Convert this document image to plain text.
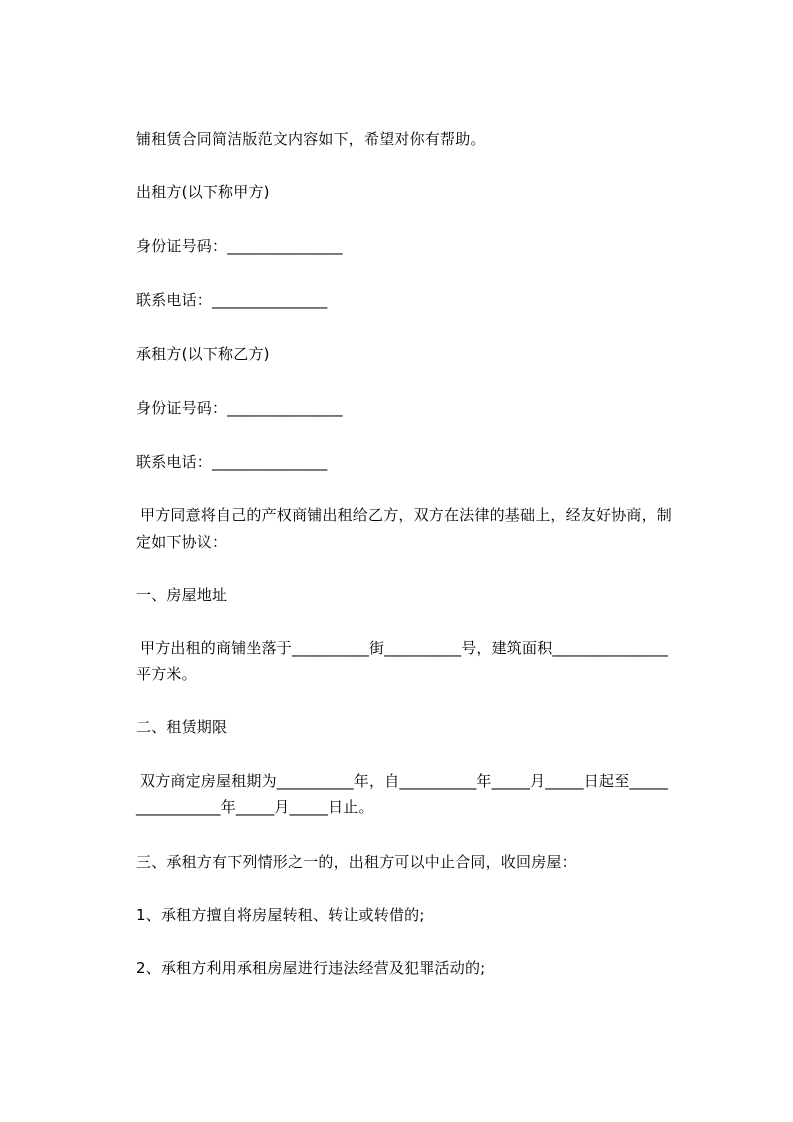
铺租赁合同简洁版范文内容如下，希望对你有帮助。
出租方(以下称甲方)
身份证号码：_______________
联系电话：_______________
承租方(以下称乙方)
身份证号码：_______________
联系电话：_______________
甲方同意将自己的产权商铺出租给乙方，双方在法律的基础上，经友好协商，制
定如下协议：
一、房屋地址
甲方出租的商铺坐落于__________街__________号，建筑面积_______________
平方米。
二、租赁期限
双方商定房屋租期为__________年，自__________年_____月_____日起至_____
___________年_____月_____日止。
三、承租方有下列情形之一的，出租方可以中止合同，收回房屋：
1、承租方擅自将房屋转租、转让或转借的;
2、承租方利用承租房屋进行违法经营及犯罪活动的;
